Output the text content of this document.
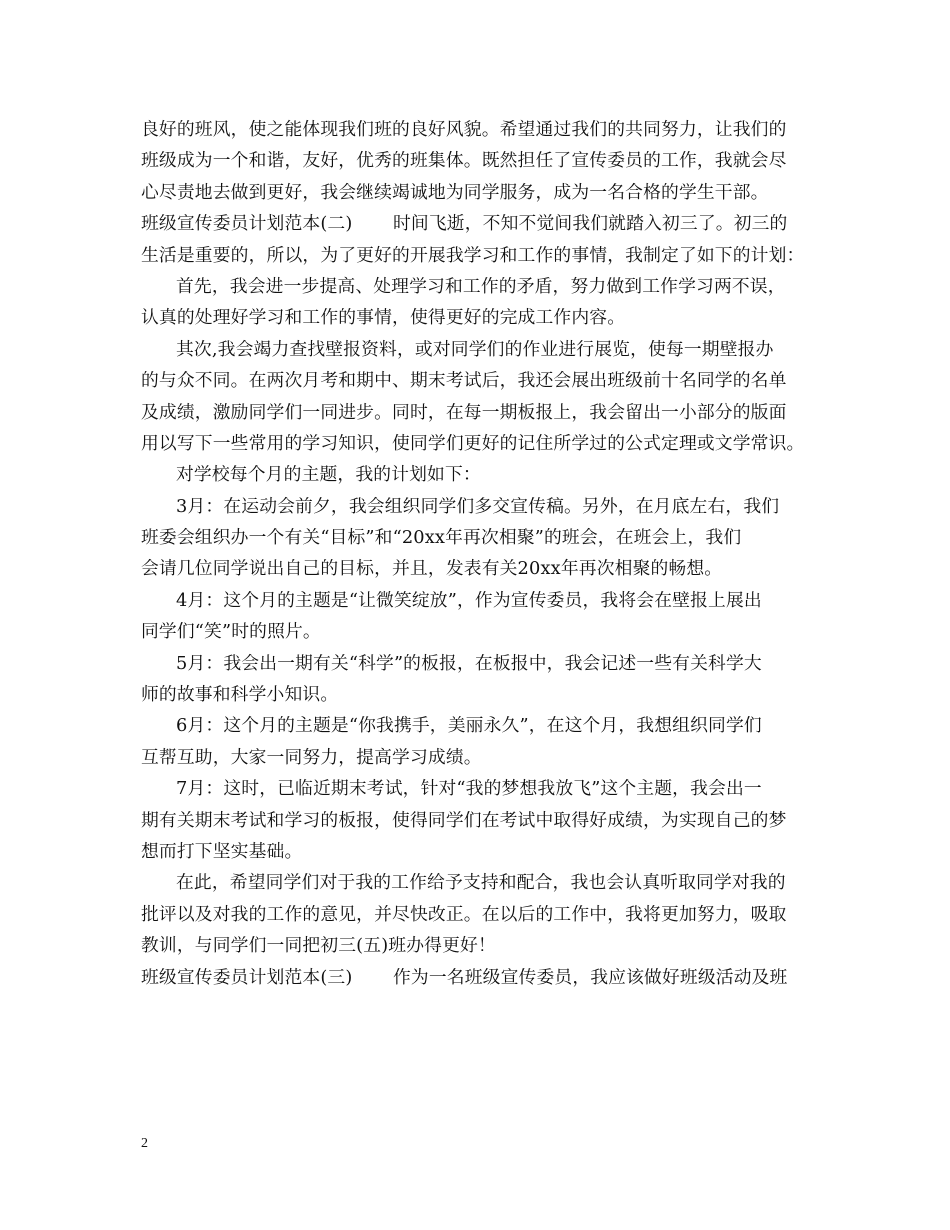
良好的班风，使之能体现我们班的良好风貌。希望通过我们的共同努力，让我们的
班级成为一个和谐，友好，优秀的班集体。既然担任了宣传委员的工作，我就会尽
心尽责地去做到更好，我会继续竭诚地为同学服务，成为一名合格的学生干部。
班级宣传委员计划范本(二) 时间飞逝，不知不觉间我们就踏入初三了。初三的
生活是重要的，所以，为了更好的开展我学习和工作的事情，我制定了如下的计划：
首先，我会进一步提高、处理学习和工作的矛盾，努力做到工作学习两不误，
认真的处理好学习和工作的事情，使得更好的完成工作内容。
其次,我会竭力查找壁报资料，或对同学们的作业进行展览，使每一期壁报办
的与众不同。在两次月考和期中、期末考试后，我还会展出班级前十名同学的名单
及成绩，激励同学们一同进步。同时，在每一期板报上，我会留出一小部分的版面
用以写下一些常用的学习知识，使同学们更好的记住所学过的公式定理或文学常识。
对学校每个月的主题，我的计划如下：
3月：在运动会前夕，我会组织同学们多交宣传稿。另外，在月底左右，我们
班委会组织办一个有关“目标”和“20xx年再次相聚”的班会，在班会上，我们
会请几位同学说出自己的目标，并且，发表有关20xx年再次相聚的畅想。
4月：这个月的主题是“让微笑绽放”，作为宣传委员，我将会在壁报上展出
同学们“笑”时的照片。
5月：我会出一期有关“科学”的板报，在板报中，我会记述一些有关科学大
师的故事和科学小知识。
6月：这个月的主题是“你我携手，美丽永久”，在这个月，我想组织同学们
互帮互助，大家一同努力，提高学习成绩。
7月：这时，已临近期末考试，针对“我的梦想我放飞”这个主题，我会出一
期有关期末考试和学习的板报，使得同学们在考试中取得好成绩，为实现自己的梦
想而打下坚实基础。
在此，希望同学们对于我的工作给予支持和配合，我也会认真听取同学对我的
批评以及对我的工作的意见，并尽快改正。在以后的工作中，我将更加努力，吸取
教训，与同学们一同把初三(五)班办得更好！
班级宣传委员计划范本(三) 作为一名班级宣传委员，我应该做好班级活动及班
2
